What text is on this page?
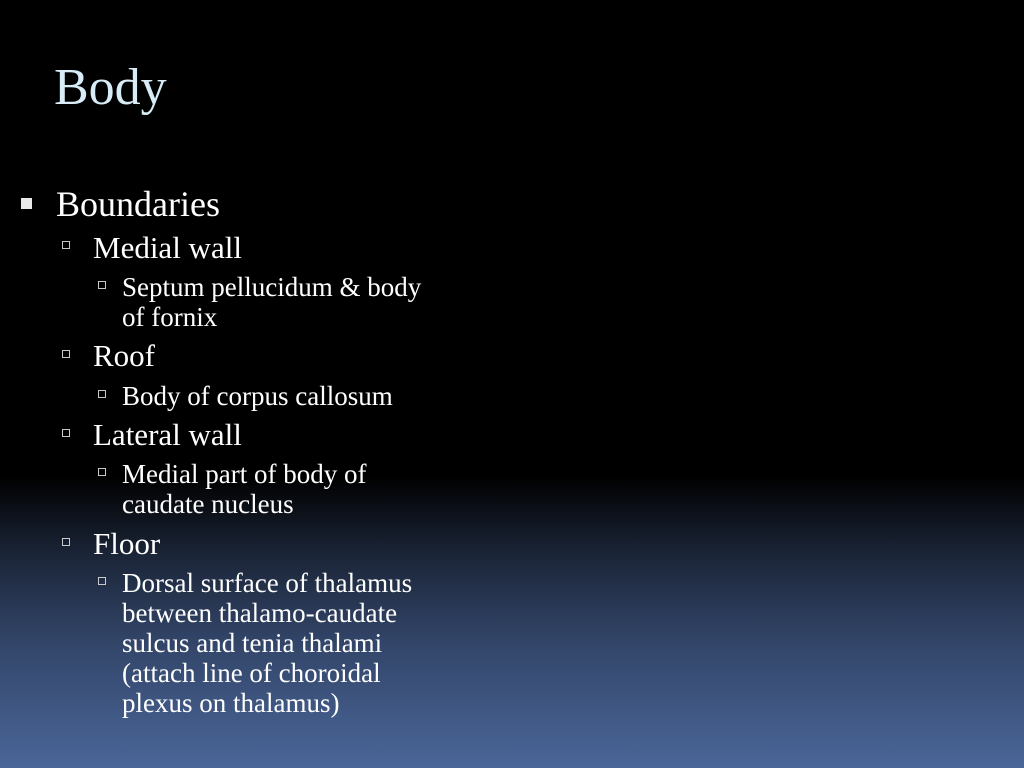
Body
Boundaries
Medial wall
Septum pellucidum & body
of fornix
Roof
Body of corpus callosum
Lateral wall
Medial part of body of
caudate nucleus
Floor
Dorsal surface of thalamus
between thalamo-caudate
sulcus and tenia thalami
(attach line of choroidal
plexus on thalamus)
